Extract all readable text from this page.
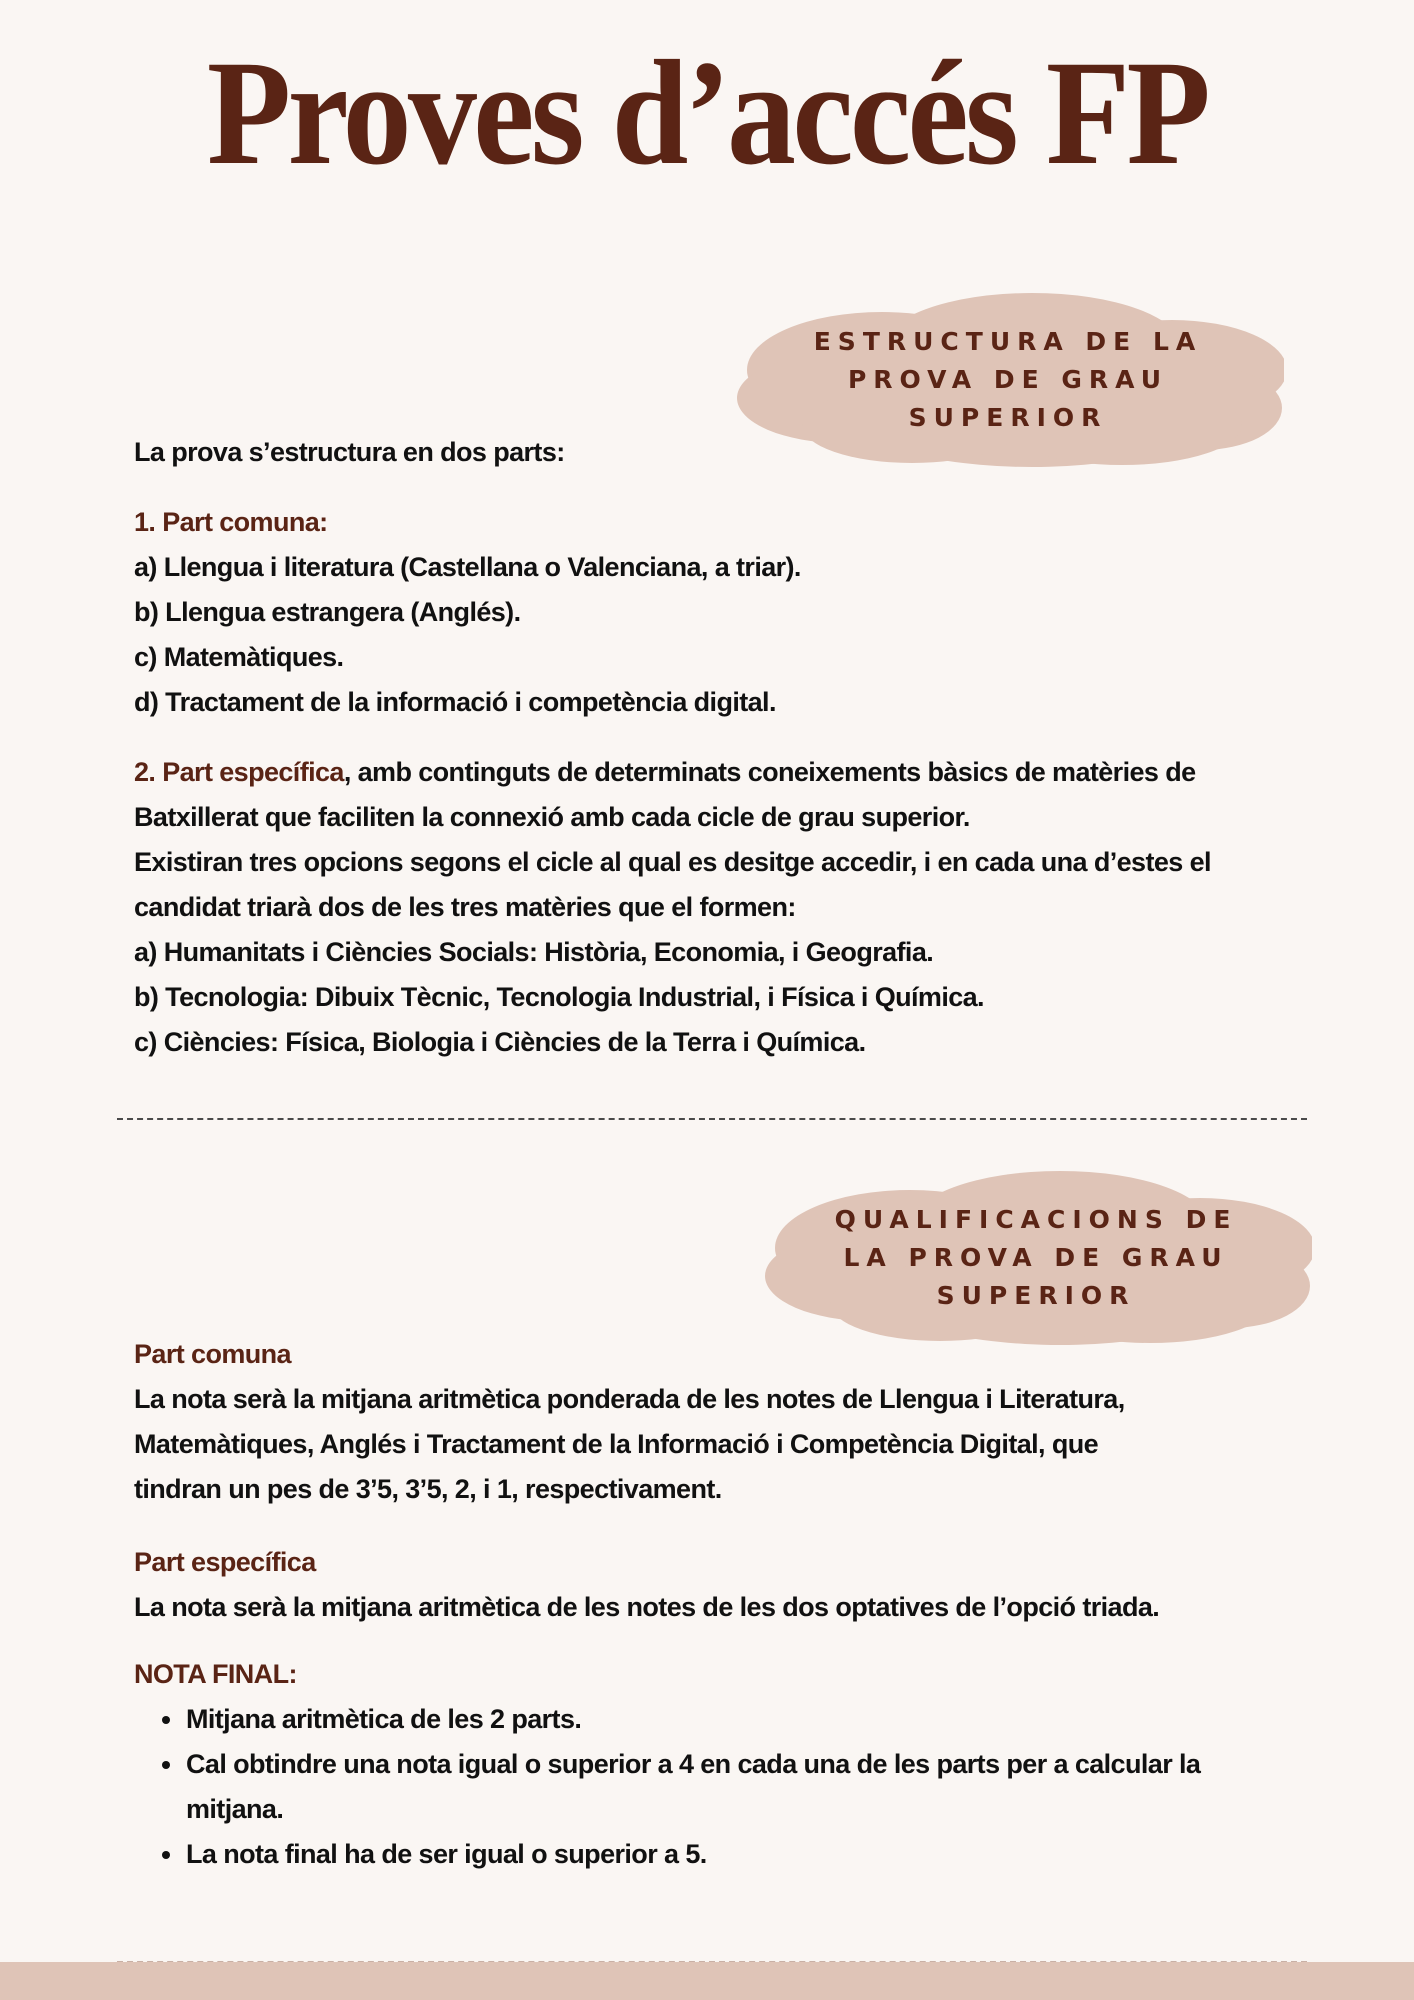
Proves d’accés FP
ESTRUCTURA DE LA
PROVA DE GRAU
SUPERIOR
La prova s’estructura en dos parts:
1. Part comuna:
a) Llengua i literatura (Castellana o Valenciana, a triar).
b) Llengua estrangera (Anglés).
c) Matemàtiques.
d) Tractament de la informació i competència digital.
2. Part específica, amb continguts de determinats coneixements bàsics de matèries de
Batxillerat que faciliten la connexió amb cada cicle de grau superior.
Existiran tres opcions segons el cicle al qual es desitge accedir, i en cada una d’estes el
candidat triarà dos de les tres matèries que el formen:
a) Humanitats i Ciències Socials: Història, Economia, i Geografia.
b) Tecnologia: Dibuix Tècnic, Tecnologia Industrial, i Física i Química.
c) Ciències: Física, Biologia i Ciències de la Terra i Química.
QUALIFICACIONS DE
LA PROVA DE GRAU
SUPERIOR
Part comuna
La nota serà la mitjana aritmètica ponderada de les notes de Llengua i Literatura,
Matemàtiques, Anglés i Tractament de la Informació i Competència Digital, que
tindran un pes de 3’5, 3’5, 2, i 1, respectivament.
Part específica
La nota serà la mitjana aritmètica de les notes de les dos optatives de l’opció triada.
NOTA FINAL:
Mitjana aritmètica de les 2 parts.
Cal obtindre una nota igual o superior a 4 en cada una de les parts per a calcular la mitjana.
La nota final ha de ser igual o superior a 5.
